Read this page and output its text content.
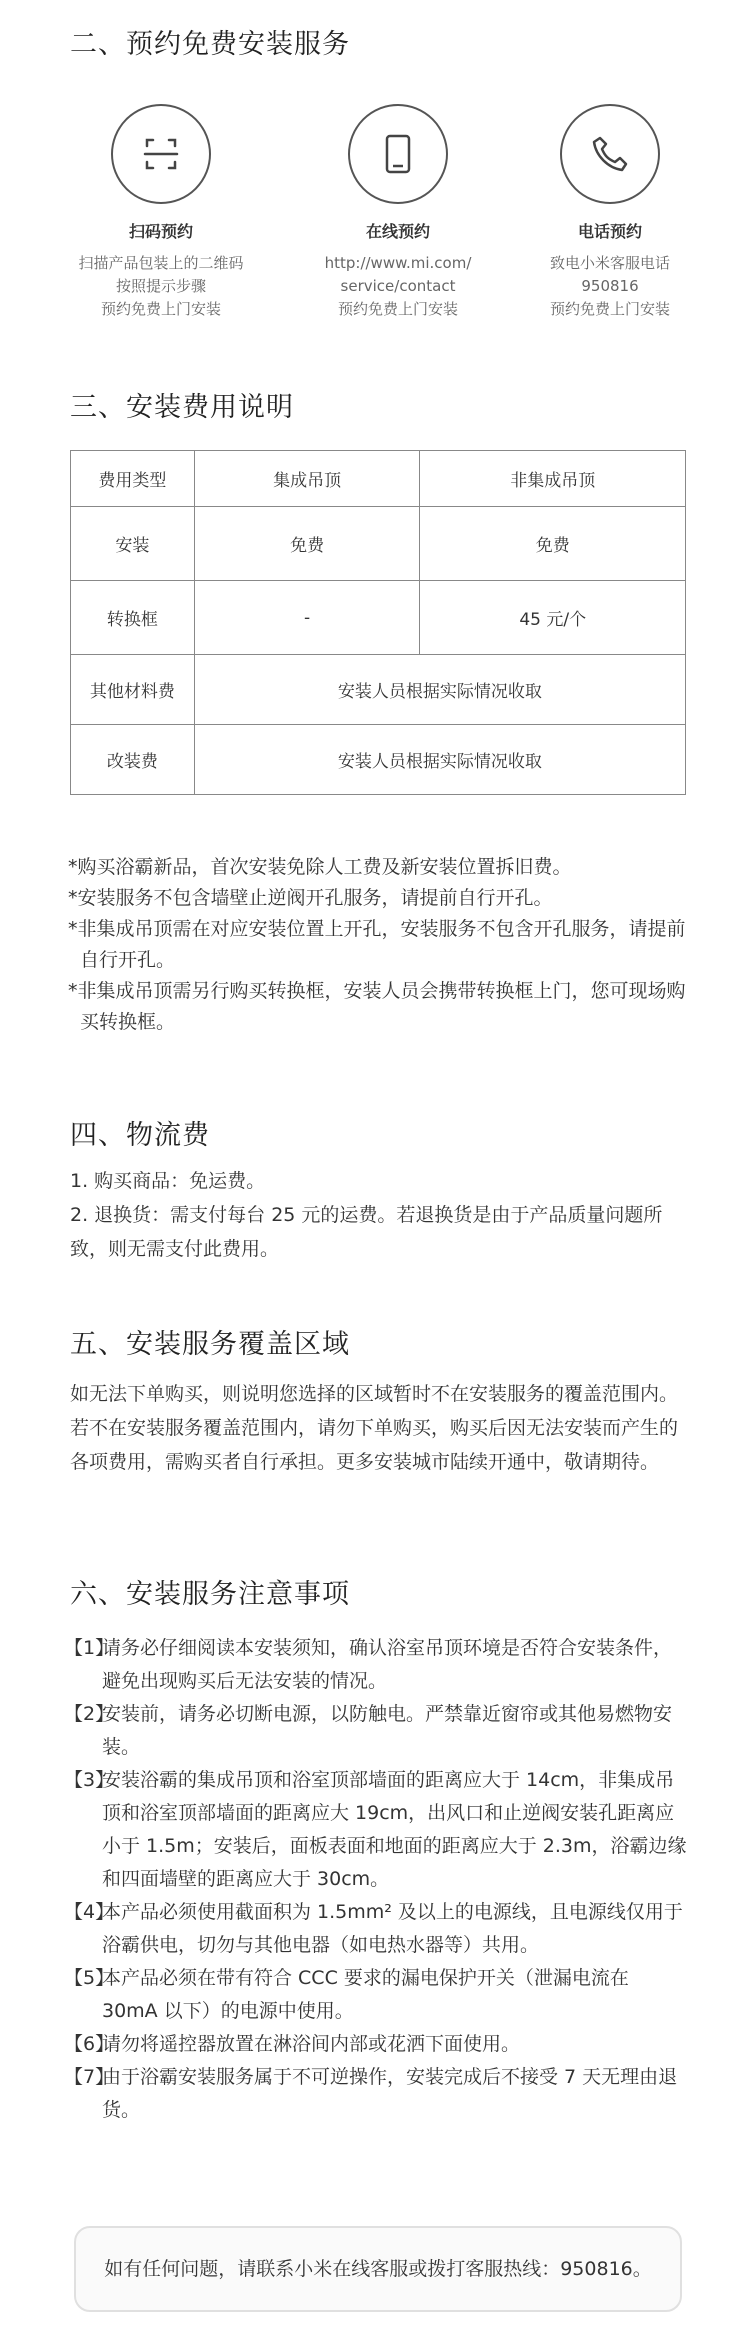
二、预约免费安装服务
扫码预约	在线预约	电话预约
扫描产品包装上的二维码
按照提示步骤
预约免费上门安装
http://www.mi.com/
service/contact
预约免费上门安装
致电小米客服电话
950816
预约免费上门安装
三、安装费用说明
费用类型	集成吊顶	非集成吊顶
安装	免费	免费
转换框	-	45 元/个
其他材料费	安装人员根据实际情况收取	
改装费	安装人员根据实际情况收取	
*购买浴霸新品，首次安装免除人工费及新安装位置拆旧费。
*安装服务不包含墙壁止逆阀开孔服务，请提前自行开孔。
*非集成吊顶需在对应安装位置上开孔，安装服务不包含开孔服务，请提前自行开孔。
*非集成吊顶需另行购买转换框，安装人员会携带转换框上门，您可现场购买转换框。
四、物流费
1. 购买商品：免运费。
2. 退换货：需支付每台 25 元的运费。若退换货是由于产品质量问题所致，则无需支付此费用。
五、安装服务覆盖区域
如无法下单购买，则说明您选择的区域暂时不在安装服务的覆盖范围内。若不在安装服务覆盖范围内，请勿下单购买，购买后因无法安装而产生的各项费用，需购买者自行承担。更多安装城市陆续开通中，敬请期待。
六、安装服务注意事项
【1】
请务必仔细阅读本安装须知，确认浴室吊顶环境是否符合安装条件，避免出现购买后无法安装的情况。
【2】
安装前，请务必切断电源，以防触电。严禁靠近窗帘或其他易燃物安装。
【3】
安装浴霸的集成吊顶和浴室顶部墙面的距离应大于 14cm，非集成吊顶和浴室顶部墙面的距离应大 19cm，出风口和止逆阀安装孔距离应小于 1.5m；安装后，面板表面和地面的距离应大于 2.3m，浴霸边缘和四面墙壁的距离应大于 30cm。
【4】
本产品必须使用截面积为 1.5mm² 及以上的电源线，且电源线仅用于浴霸供电，切勿与其他电器（如电热水器等）共用。
【5】
本产品必须在带有符合 CCC 要求的漏电保护开关（泄漏电流在 30mA 以下）的电源中使用。
【6】
请勿将遥控器放置在淋浴间内部或花洒下面使用。
【7】
由于浴霸安装服务属于不可逆操作，安装完成后不接受 7 天无理由退货。
如有任何问题，请联系小米在线客服或拨打客服热线：950816。
